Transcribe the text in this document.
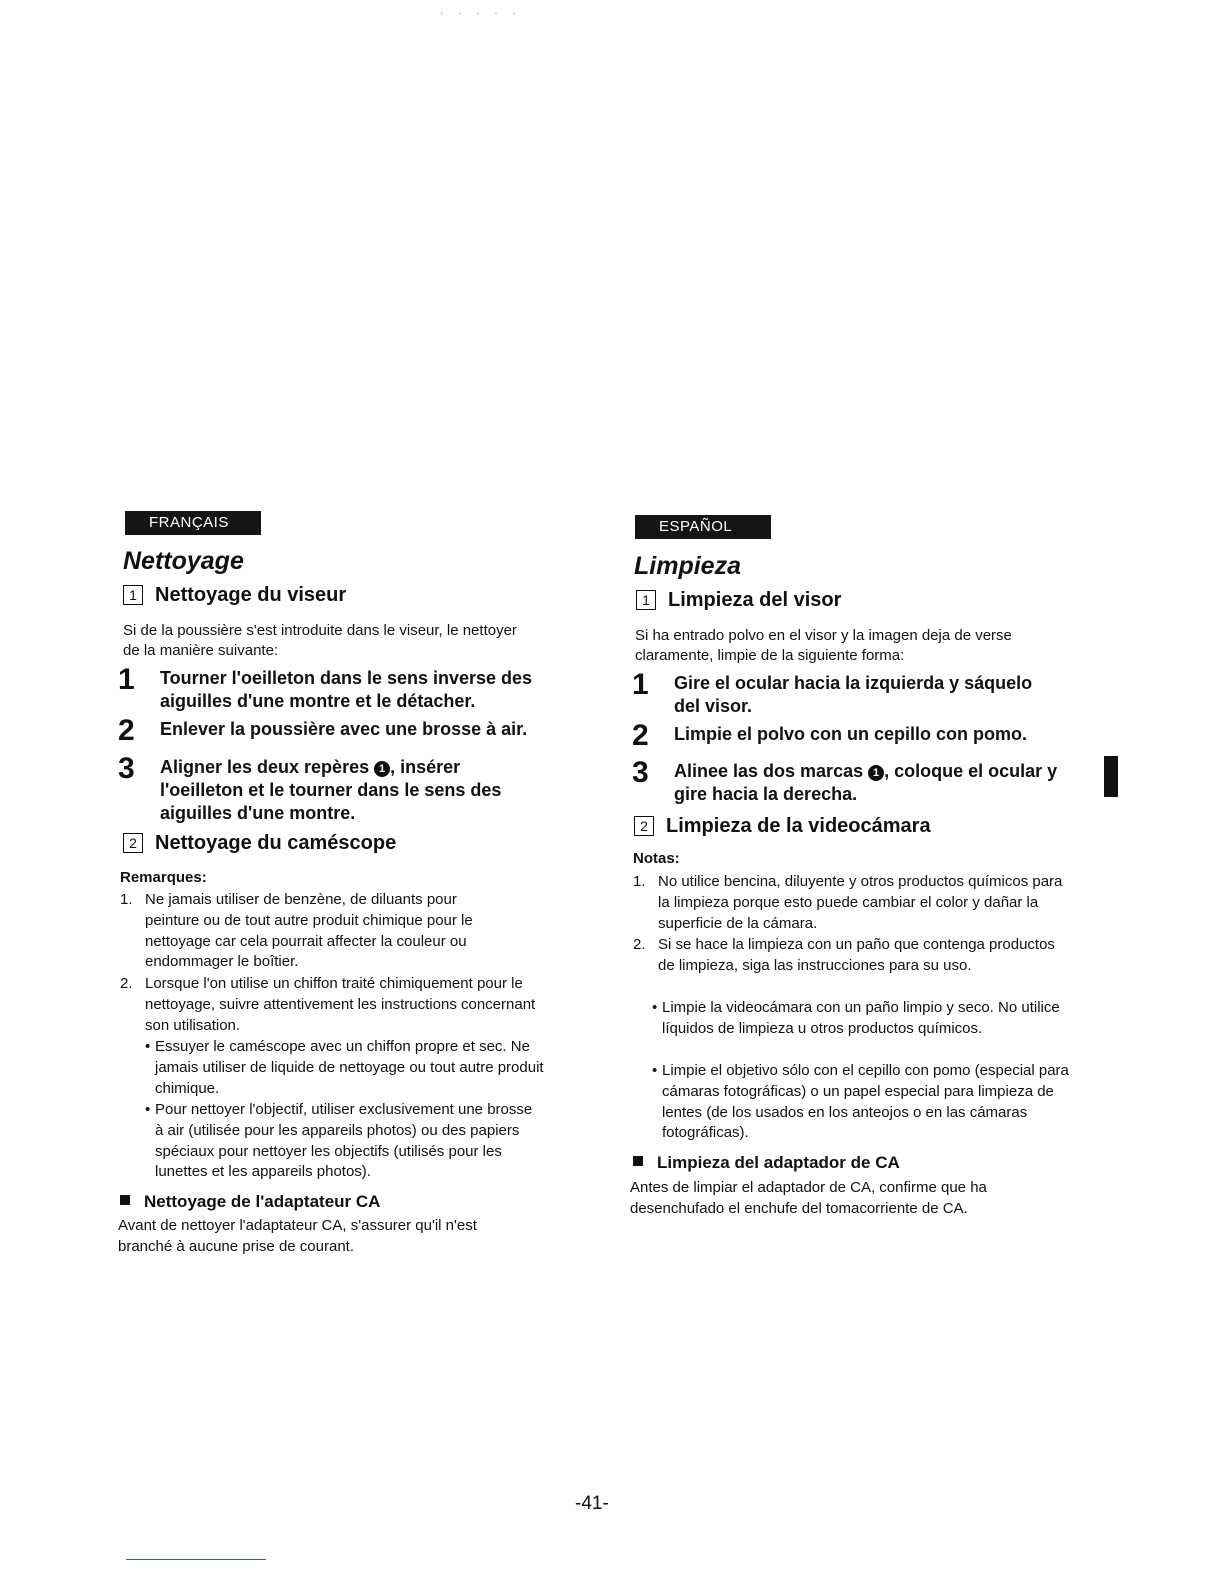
· · · · ·
FRANÇAIS
Nettoyage
1 Nettoyage du viseur
Si de la poussière s'est introduite dans le viseur, le nettoyer de la manière suivante:
1 Tourner l'oeilleton dans le sens inverse des aiguilles d'une montre et le détacher.
2 Enlever la poussière avec une brosse à air.
3 Aligner les deux repères 1 , insérer l'oeilleton et le tourner dans le sens des aiguilles d'une montre.
2 Nettoyage du caméscope
Remarques:
1. Ne jamais utiliser de benzène, de diluants pour peinture ou de tout autre produit chimique pour le nettoyage car cela pourrait affecter la couleur ou endommager le boîtier.
2. Lorsque l'on utilise un chiffon traité chimiquement pour le nettoyage, suivre attentivement les instructions concernant son utilisation.
• Essuyer le caméscope avec un chiffon propre et sec. Ne jamais utiliser de liquide de nettoyage ou tout autre produit chimique.
• Pour nettoyer l'objectif, utiliser exclusivement une brosse à air (utilisée pour les appareils photos) ou des papiers spéciaux pour nettoyer les objectifs (utilisés pour les lunettes et les appareils photos).
Nettoyage de l'adaptateur CA
Avant de nettoyer l'adaptateur CA, s'assurer qu'il n'est branché à aucune prise de courant.
ESPAÑOL
Limpieza
1 Limpieza del visor
Si ha entrado polvo en el visor y la imagen deja de verse claramente, limpie de la siguiente forma:
1 Gire el ocular hacia la izquierda y sáquelo del visor.
2 Limpie el polvo con un cepillo con pomo.
3 Alinee las dos marcas 1 , coloque el ocular y gire hacia la derecha.
2 Limpieza de la videocámara
Notas:
1. No utilice bencina, diluyente y otros productos químicos para la limpieza porque esto puede cambiar el color y dañar la superficie de la cámara.
2. Si se hace la limpieza con un paño que contenga productos de limpieza, siga las instrucciones para su uso.
• Limpie la videocámara con un paño limpio y seco. No utilice líquidos de limpieza u otros productos químicos.
• Limpie el objetivo sólo con el cepillo con pomo (especial para cámaras fotográficas) o un papel especial para limpieza de lentes (de los usados en los anteojos o en las cámaras fotográficas).
Limpieza del adaptador de CA
Antes de limpiar el adaptador de CA, confirme que ha desenchufado el enchufe del tomacorriente de CA.
-41-
